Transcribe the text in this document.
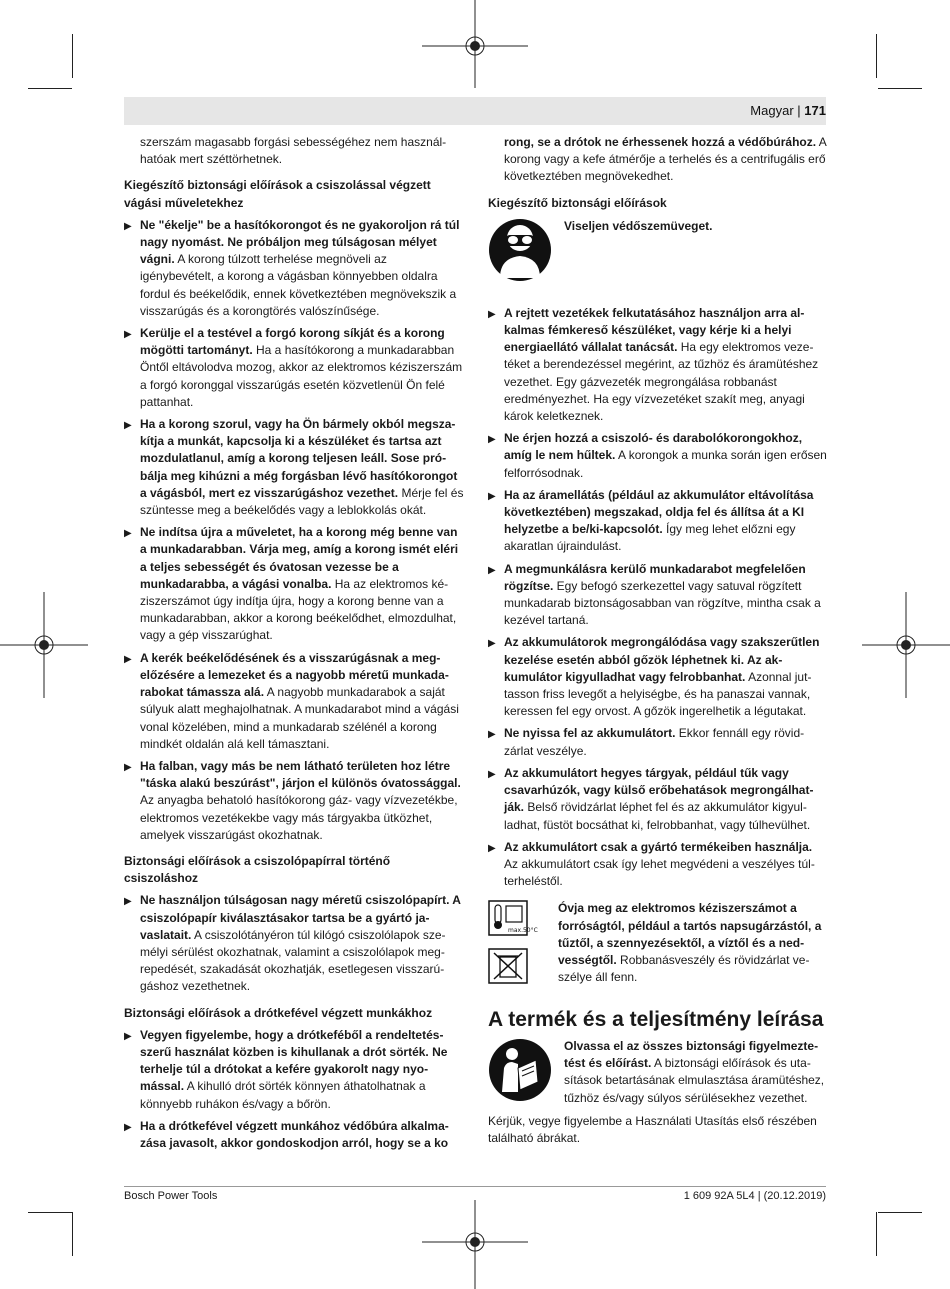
Magyar | 171

szerszám magasabb forgási sebességéhez nem használhatóak mert széttörhetnek.

Kiegészítő biztonsági előírások a csiszolással végzett vágási műveletekhez

▶ Ne "ékelje" be a hasítókorongot és ne gyakoroljon rá túl nagy nyomást. Ne próbáljon meg túlságosan mélyet vágni. A korong túlzott terhelése megnöveli az igénybevételt, a korong a vágásban könnyebben oldalra fordul és beékelődik, ennek következtében megnövekszik a visszarúgás és a korongtörés valószínűsége.
▶ Kerülje el a testével a forgó korong síkját és a korong mögötti tartományt. Ha a hasítókorong a munkadarabban Öntől eltávolodva mozog, akkor az elektromos kéziszerszám a forgó koronggal visszarúgás esetén közvetlenül Ön felé pattanhat.
▶ Ha a korong szorul, vagy ha Ön bármely okból megszakítja a munkát, kapcsolja ki a készüléket és tartsa azt mozdulatlanul, amíg a korong teljesen leáll. Sose próbálja meg kihúzni a még forgásban lévő hasítókorongot a vágásból, mert ez visszarúgáshoz vezethet. Mérje fel és szüntesse meg a beékelődés vagy a leblokkolás okát.
▶ Ne indítsa újra a műveletet, ha a korong még benne van a munkadarabban. Várja meg, amíg a korong ismét eléri a teljes sebességét és óvatosan vezesse be a munkadarabba, a vágási vonalba. Ha az elektromos kéziszerszámot úgy indítja újra, hogy a korong benne van a munkadarabban, akkor a korong beékelődhet, elmozdulhat, vagy a gép visszarúghat.
▶ A kerék beékelődésének és a visszarúgásnak a megelőzésére a lemezeket és a nagyobb méretű munkadarabokat támassza alá. A nagyobb munkadarabok a saját súlyuk alatt meghajolhatnak. A munkadarabot mind a vágási vonal közelében, mind a munkadarab szélénél a korong mindkét oldalán alá kell támasztani.
▶ Ha falban, vagy más be nem látható területen hoz létre "táska alakú beszúrást", járjon el különös óvatossággal. Az anyagba behatoló hasítókorong gáz- vagy vízvezetékbe, elektromos vezetékekbe vagy más tárgyakba ütközhet, amelyek visszarúgást okozhatnak.

Biztonsági előírások a csiszolópapírral történő csiszoláshoz

▶ Ne használjon túlságosan nagy méretű csiszolópapírt. A csiszolópapír kiválasztásakor tartsa be a gyártó javaslatait. A csiszolótányéron túl kilógó csiszolólapok személyi sérülést okozhatnak, valamint a csiszolólapok megrepedését, szakadását okozhatják, esetlegesen visszarúgáshoz vezethetnek.

Biztonsági előírások a drótkefével végzett munkákhoz

▶ Vegyen figyelembe, hogy a drótkeféből a rendeltetésszerű használat közben is kihullanak a drót sörték. Ne terhelje túl a drótokat a kefére gyakorolt nagy nyomással. A kihulló drót sörték könnyen áthatolhatnak a könnyebb ruhákon és/vagy a bőrön.
▶ Ha a drótkefével végzett munkához védőbúra alkalmazása javasolt, akkor gondoskodjon arról, hogy se a ko

rong, se a drótok ne érhessenek hozzá a védőbúrához. A korong vagy a kefe átmérője a terhelés és a centrifugális erő következtében megnövekedhet.

Kiegészítő biztonsági előírások

Viseljen védőszemüveget.
▶ A rejtett vezetékek felkutatásához használjon arra alkalmas fémkereső készüléket, vagy kérje ki a helyi energiaellátó vállalat tanácsát. Ha egy elektromos vezetéket a berendezéssel megérint, az tűzhöz és áramütéshez vezethet. Egy gázvezeték megrongálása robbanást eredményezhet. Ha egy vízvezetéket szakít meg, anyagi károk keletkeznek.
▶ Ne érjen hozzá a csiszoló- és darabolókorongokhoz, amíg le nem hűltek. A korongok a munka során igen erősen felforrósodnak.
▶ Ha az áramellátás (például az akkumulátor eltávolítása következtében) megszakad, oldja fel és állítsa át a KI helyzetbe a be/ki-kapcsolót. Így meg lehet előzni egy akaratlan újraindulást.
▶ A megmunkálásra kerülő munkadarabot megfelelően rögzítse. Egy befogó szerkezettel vagy satuval rögzített munkadarab biztonságosabban van rögzítve, mintha csak a kezével tartaná.
▶ Az akkumulátorok megrongálódása vagy szakszerűtlen kezelése esetén abból gőzök léphetnek ki. Az akkumulátor kigyulladhat vagy felrobbanhat. Azonnal juttasson friss levegőt a helyiségbe, és ha panaszai vannak, keressen fel egy orvost. A gőzök ingerelhetik a légutakat.
▶ Ne nyissa fel az akkumulátort. Ekkor fennáll egy rövidzárlat veszélye.
▶ Az akkumulátort hegyes tárgyak, például tűk vagy csavarhúzók, vagy külső erőbehatások megrongálhatják. Belső rövidzárlat léphet fel és az akkumulátor kigyulladhat, füstöt bocsáthat ki, felrobbanhat, vagy túlhevülhet.
▶ Az akkumulátort csak a gyártó termékeiben használja. Az akkumulátort csak így lehet megvédeni a veszélyes túlterheléstől.
max.50°C

Óvja meg az elektromos kéziszerszámot a forróságtól, például a tartós napsugárzástól, a tűztől, a szennyezésektől, a víztől és a nedvességtől. Robbanásveszély és rövidzárlat veszélye áll fenn.
A termék és a teljesítmény leírása
Olvassa el az összes biztonsági figyelmeztetést és előírást. A biztonsági előírások és utasítások betartásának elmulasztása áramütéshez, tűzhöz és/vagy súlyos sérülésekhez vezethet.

Kérjük, vegye figyelembe a Használati Utasítás első részében található ábrákat.

Bosch Power Tools	1 609 92A 5L4 | (20.12.2019)
